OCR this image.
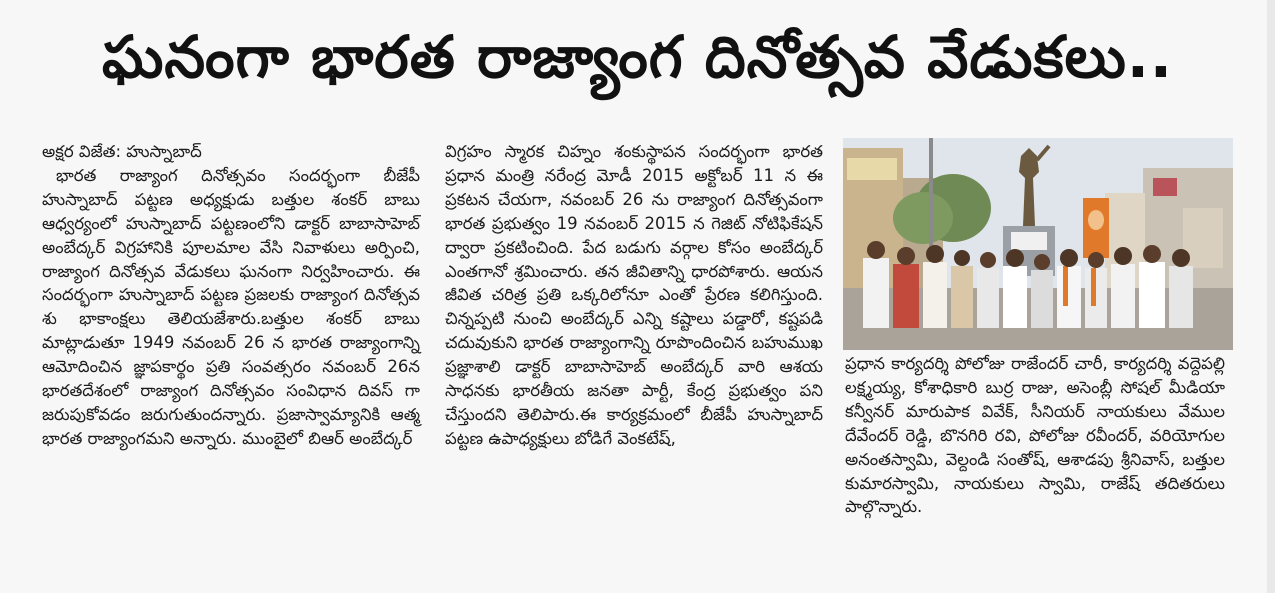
ఘనంగా భారత రాజ్యాంగ దినోత్సవ వేడుకలు..
అక్షర విజేత: హుస్నాబాద్

భారత రాజ్యాంగ దినోత్సవం సందర్భంగా బీజేపీ హుస్నాబాద్ పట్టణ అధ్యక్షుడు బత్తుల శంకర్ బాబు ఆధ్వర్యంలో హుస్నాబాద్ పట్టణంలోని డాక్టర్ బాబాసాహెబ్ అంబేద్కర్ విగ్రహానికి పూలమాల వేసి నివాళులు అర్పించి, రాజ్యాంగ దినోత్సవ వేడుకలు ఘనంగా నిర్వహించారు. ఈ సందర్భంగా హుస్నాబాద్ పట్టణ ప్రజలకు రాజ్యాంగ దినోత్సవ శు భాకాంక్షలు తెలియజేశారు.బత్తుల శంకర్ బాబు మాట్లాడుతూ 1949 నవంబర్ 26 న భారత రాజ్యాంగాన్ని ఆమోదించిన జ్ఞాపకార్థం ప్రతి సంవత్సరం నవంబర్ 26న భారతదేశంలో రాజ్యాంగ దినోత్సవం సంవిధాన దివస్ గా జరుపుకోవడం జరుగుతుందన్నారు. ప్రజాస్వామ్యానికి ఆత్మ భారత రాజ్యాంగమని అన్నారు. ముంబైలో బిఆర్ అంబేద్కర్

విగ్రహం స్మారక చిహ్నం శంకుస్థాపన సందర్భంగా భారత ప్రధాన మంత్రి నరేంద్ర మోడీ 2015 అక్టోబర్ 11 న ఈ ప్రకటన చేయగా, నవంబర్ 26 ను రాజ్యాంగ దినోత్సవంగా భారత ప్రభుత్వం 19 నవంబర్ 2015 న గెజిట్ నోటిఫికేషన్ ద్వారా ప్రకటించింది. పేద బడుగు వర్గాల కోసం అంబేద్కర్ ఎంతగానో శ్రమించారు. తన జీవితాన్ని ధారపోశారు. ఆయన జీవిత చరిత్ర ప్రతి ఒక్కరిలోనూ ఎంతో ప్రేరణ కలిగిస్తుంది. చిన్నప్పటి నుంచి అంబేద్కర్ ఎన్ని కష్టాలు పడ్డారో, కష్టపడి చదువుకుని భారత రాజ్యాంగాన్ని రూపొందించిన బహుముఖ ప్రజ్ఞాశాలి డాక్టర్ బాబాసాహెబ్ అంబేద్కర్ వారి ఆశయ సాధనకు భారతీయ జనతా పార్టీ, కేంద్ర ప్రభుత్వం పని చేస్తుందని తెలిపారు.ఈ కార్యక్రమంలో బీజేపీ హుస్నాబాద్ పట్టణ ఉపాధ్యక్షులు బోడిగే వెంకటేష్,

ప్రధాన కార్యదర్శి పోలోజు రాజేందర్ చారీ, కార్యదర్శి వద్దెపల్లి లక్ష్మయ్య, కోశాధికారి బుర్ర రాజు, అసెంబ్లీ సోషల్ మీడియా కన్వీనర్ మారుపాక వివేక్, సీనియర్ నాయకులు వేముల దేవేందర్ రెడ్డి, బొనగిరి రవి, పోలోజు రవీందర్, వరియోగుల అనంతస్వామి, వెల్దండి సంతోష్, ఆశాడపు శ్రీనివాస్, బత్తుల కుమారస్వామి, నాయకులు స్వామి, రాజేష్ తదితరులు పాల్గొన్నారు.
